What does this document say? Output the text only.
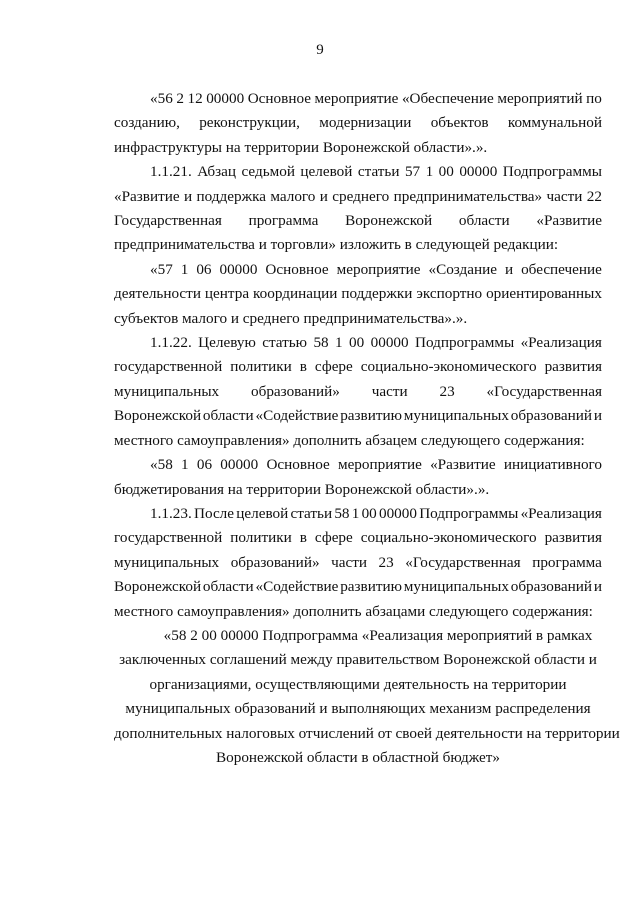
9
«56 2 12 00000 Основное мероприятие «Обеспечение мероприятий по
созданию, реконструкции, модернизации объектов коммунальной
инфраструктуры на территории Воронежской области».».
1.1.21. Абзац седьмой целевой статьи 57 1 00 00000 Подпрограммы
«Развитие и поддержка малого и среднего предпринимательства» части 22
Государственная программа Воронежской области «Развитие
предпринимательства и торговли» изложить в следующей редакции:
«57 1 06 00000 Основное мероприятие «Создание и обеспечение
деятельности центра координации поддержки экспортно ориентированных
субъектов малого и среднего предпринимательства».».
1.1.22. Целевую статью 58 1 00 00000 Подпрограммы «Реализация
государственной политики в сфере социально-экономического развития
муниципальных образований» части 23 «Государственная
Воронежской области «Содействие развитию муниципальных образований и
местного самоуправления» дополнить абзацем следующего содержания:
«58 1 06 00000 Основное мероприятие «Развитие инициативного
бюджетирования на территории Воронежской области».».
1.1.23. После целевой статьи 58 1 00 00000 Подпрограммы «Реализация
государственной политики в сфере социально-экономического развития
муниципальных образований» части 23 «Государственная программа
Воронежской области «Содействие развитию муниципальных образований и
местного самоуправления» дополнить абзацами следующего содержания:
«58 2 00 00000 Подпрограмма «Реализация мероприятий в рамках
заключенных соглашений между правительством Воронежской области и
организациями, осуществляющими деятельность на территории
муниципальных образований и выполняющих механизм распределения
дополнительных налоговых отчислений от своей деятельности на территории
Воронежской области в областной бюджет»
